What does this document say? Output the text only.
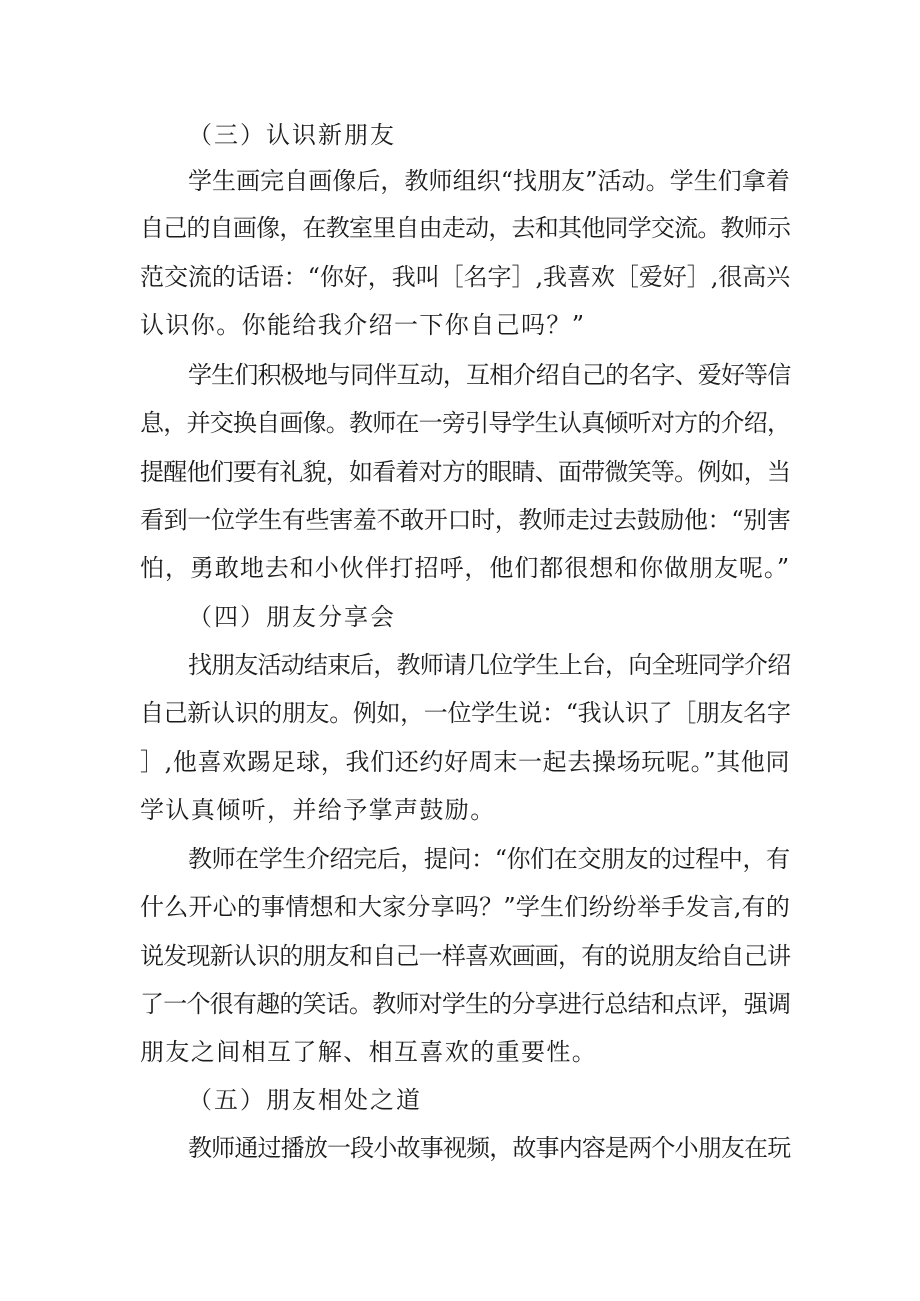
（三）认识新朋友
学生画完自画像后，教师组织“找朋友”活动。学生们拿着
自己的自画像，在教室里自由走动，去和其他同学交流。教师示
范交流的话语：“你好，我叫［名字］,我喜欢［爱好］,很高兴
认识你。你能给我介绍一下你自己吗？”
学生们积极地与同伴互动，互相介绍自己的名字、爱好等信
息，并交换自画像。教师在一旁引导学生认真倾听对方的介绍，
提醒他们要有礼貌，如看着对方的眼睛、面带微笑等。例如，当
看到一位学生有些害羞不敢开口时，教师走过去鼓励他：“别害
怕，勇敢地去和小伙伴打招呼，他们都很想和你做朋友呢。”
（四）朋友分享会
找朋友活动结束后，教师请几位学生上台，向全班同学介绍
自己新认识的朋友。例如，一位学生说：“我认识了［朋友名字
］,他喜欢踢足球，我们还约好周末一起去操场玩呢。”其他同
学认真倾听，并给予掌声鼓励。
教师在学生介绍完后，提问：“你们在交朋友的过程中，有
什么开心的事情想和大家分享吗？”学生们纷纷举手发言,有的
说发现新认识的朋友和自己一样喜欢画画，有的说朋友给自己讲
了一个很有趣的笑话。教师对学生的分享进行总结和点评，强调
朋友之间相互了解、相互喜欢的重要性。
（五）朋友相处之道
教师通过播放一段小故事视频，故事内容是两个小朋友在玩
